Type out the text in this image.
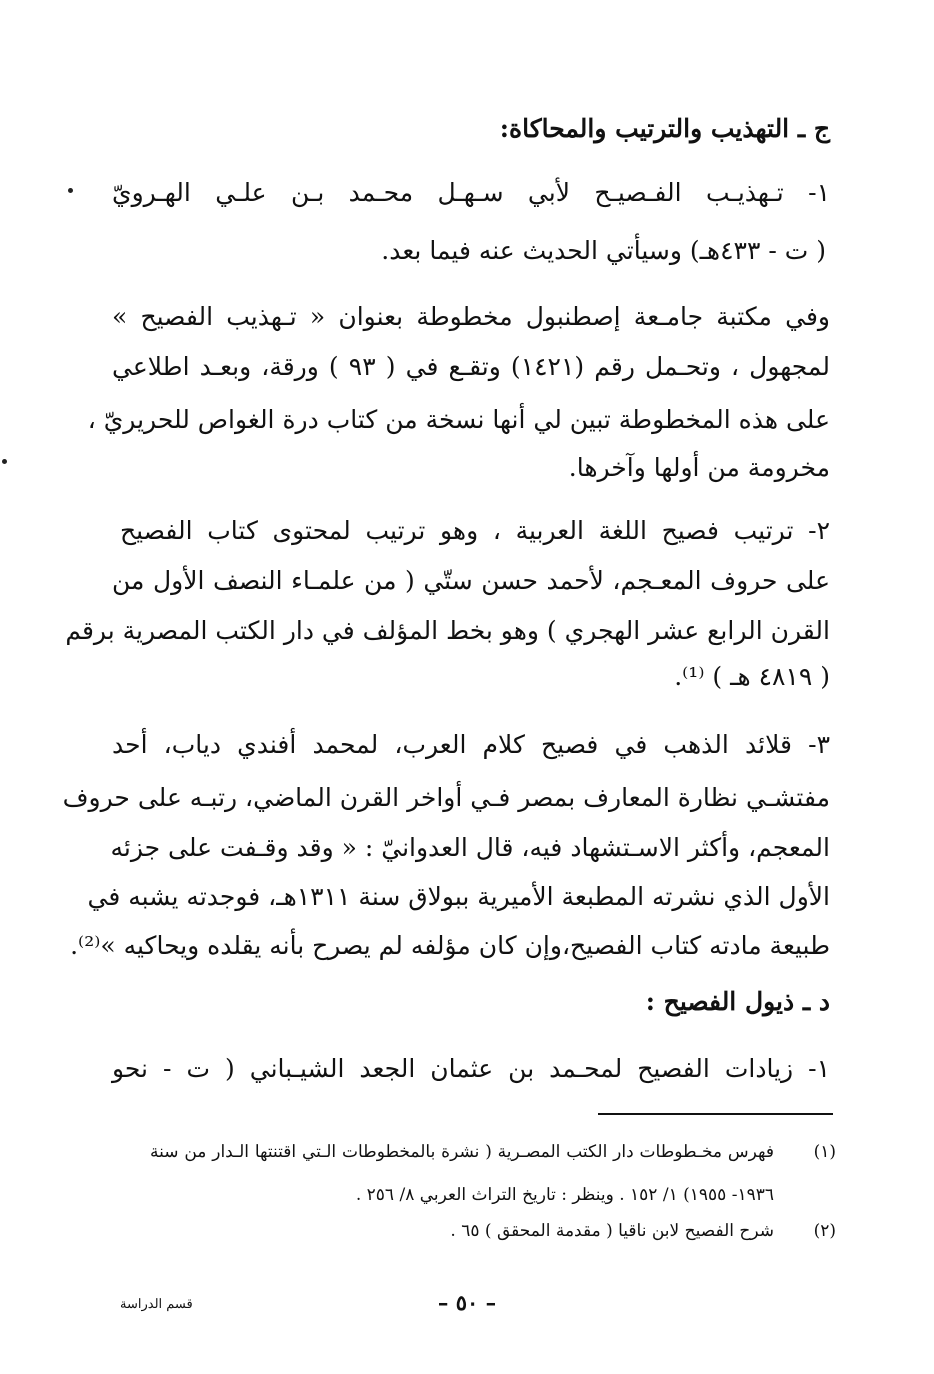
ج ـ التهذيب والترتيب والمحاكاة:
١- تـهذيـب الفـصيـح لأبي سـهـل محـمد بـن علـي الهـرويّ
( ت - ٤٣٣هـ) وسيأتي الحديث عنه فيما بعد.
وفي مكتبة جامـعة إصطنبول مخطوطة بعنوان « تـهذيب الفصيح »
لمجهول ، وتحـمل رقم (١٤٢١) وتقـع في ( ٩٣ ) ورقة، وبعـد اطلاعي
على هذه المخطوطة تبين لي أنها نسخة من كتاب درة الغواص للحريريّ ،
مخرومة من أولها وآخرها.
٢- ترتيب فصيح اللغة العربية ، وهو ترتيب لمحتوى كتاب الفصيح
على حروف المعـجم، لأحمد حسن ستّي ( من علمـاء النصف الأول من
القرن الرابع عشر الهجري ) وهو بخط المؤلف في دار الكتب المصرية برقم
( ٤٨١٩ هـ ) ⁽¹⁾.
٣- قلائد الذهب في فصيح كلام العرب، لمحمد أفندي دياب، أحد
مفتشـي نظارة المعارف بمصر فـي أواخر القرن الماضي، رتبـه على حروف
المعجم، وأكثر الاسـتشهاد فيه، قال العدوانيّ : « وقد وقـفت على جزئه
الأول الذي نشرته المطبعة الأميرية ببولاق سنة ١٣١١هـ، فوجدته يشبه في
طبيعة مادته كتاب الفصيح،وإن كان مؤلفه لم يصرح بأنه يقلده ويحاكيه »⁽²⁾.
د ـ ذيول الفصيح :
١- زيادات الفصيح لمحـمد بن عثمان الجعد الشيـباني ( ت - نحو
(١)
فهرس مخـطوطات دار الكتب المصـرية ( نشرة بالمخطوطات الـتي اقتنتها الـدار من سنة
١٩٣٦- ١٩٥٥) ١/ ١٥٢ . وينظر : تاريخ التراث العربي ٨/ ٢٥٦ .
(٢)
شرح الفصيح لابن ناقيا ( مقدمة المحقق ) ٦٥ .
– ٥٠ –
قسم الدراسة
